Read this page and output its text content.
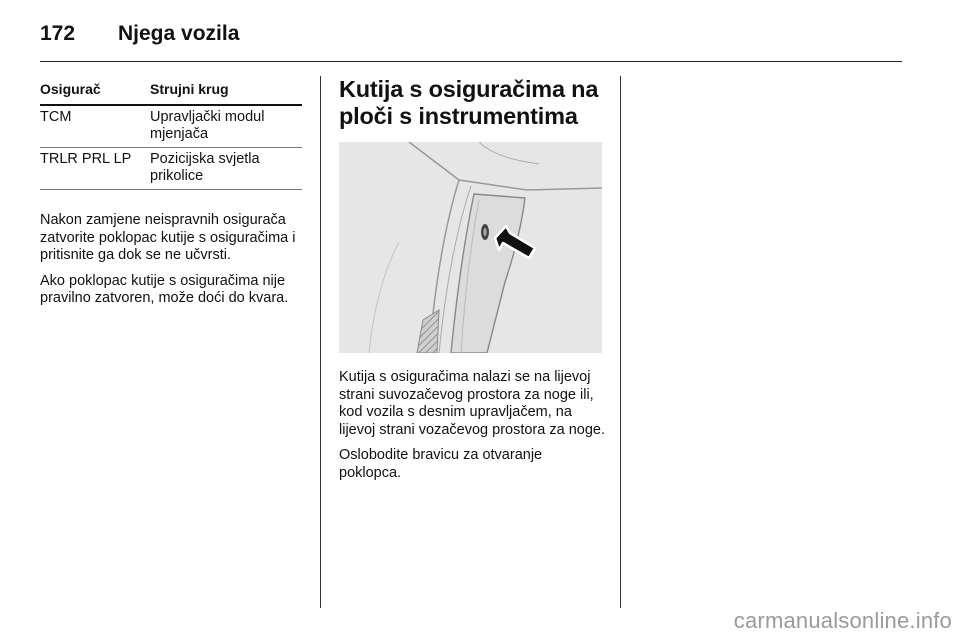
172 Njega vozila
Osigurač	Strujni krug
TCM	Upravljački modul mjenjača
TRLR PRL LP	Pozicijska svjetla prikolice

Nakon zamjene neispravnih osigurača zatvorite poklopac kutije s osiguračima i pritisnite ga dok se ne učvrsti.

Ako poklopac kutije s osiguračima nije pravilno zatvoren, može doći do kvara.

Kutija s osiguračima na ploči s instrumentima

Kutija s osiguračima nalazi se na lijevoj strani suvozačevog prostora za noge ili, kod vozila s desnim upravljačem, na lijevoj strani vozačevog prostora za noge.

Oslobodite bravicu za otvaranje poklopca.

carmanualsonline.info
